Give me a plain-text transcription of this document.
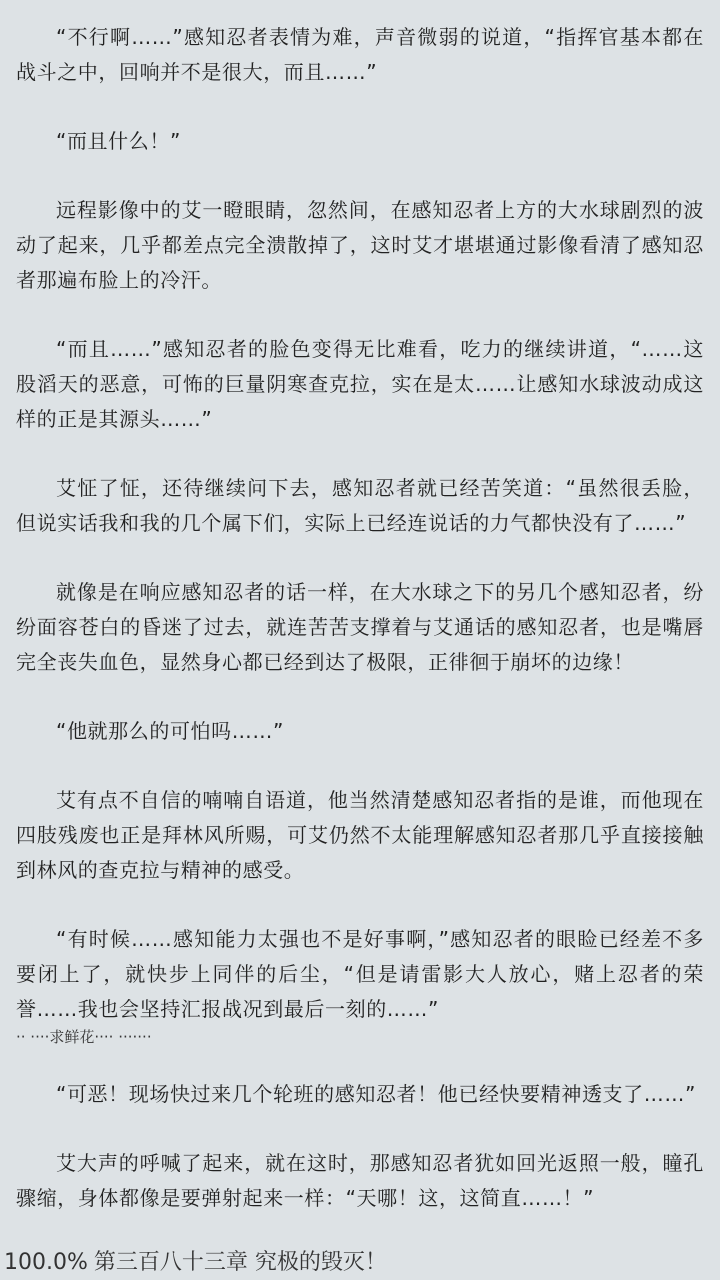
“不行啊……”感知忍者表情为难，声音微弱的说道，“指挥官基本都在战斗之中，回响并不是很大，而且……”

“而且什么！”

远程影像中的艾一瞪眼睛，忽然间，在感知忍者上方的大水球剧烈的波动了起来，几乎都差点完全溃散掉了，这时艾才堪堪通过影像看清了感知忍者那遍布脸上的冷汗。

“而且……”感知忍者的脸色变得无比难看，吃力的继续讲道，“……这股滔天的恶意，可怖的巨量阴寒查克拉，实在是太……让感知水球波动成这样的正是其源头……”

艾怔了怔，还待继续问下去，感知忍者就已经苦笑道：“虽然很丢脸，但说实话我和我的几个属下们，实际上已经连说话的力气都快没有了……”

就像是在响应感知忍者的话一样，在大水球之下的另几个感知忍者，纷纷面容苍白的昏迷了过去，就连苦苦支撑着与艾通话的感知忍者，也是嘴唇完全丧失血色，显然身心都已经到达了极限，正徘徊于崩坏的边缘！

“他就那么的可怕吗……”

艾有点不自信的喃喃自语道，他当然清楚感知忍者指的是谁，而他现在四肢残废也正是拜林风所赐，可艾仍然不太能理解感知忍者那几乎直接接触到林风的查克拉与精神的感受。

“有时候……感知能力太强也不是好事啊，”感知忍者的眼睑已经差不多要闭上了，就快步上同伴的后尘，“但是请雷影大人放心，赌上忍者的荣誉……我也会坚持汇报战况到最后一刻的……”

·· ····求鲜花···· ·······

“可恶！现场快过来几个轮班的感知忍者！他已经快要精神透支了……”

艾大声的呼喊了起来，就在这时，那感知忍者犹如回光返照一般，瞳孔骤缩，身体都像是要弹射起来一样：“天哪！这，这简直……！”

100.0% 第三百八十三章 究极的毁灭！
